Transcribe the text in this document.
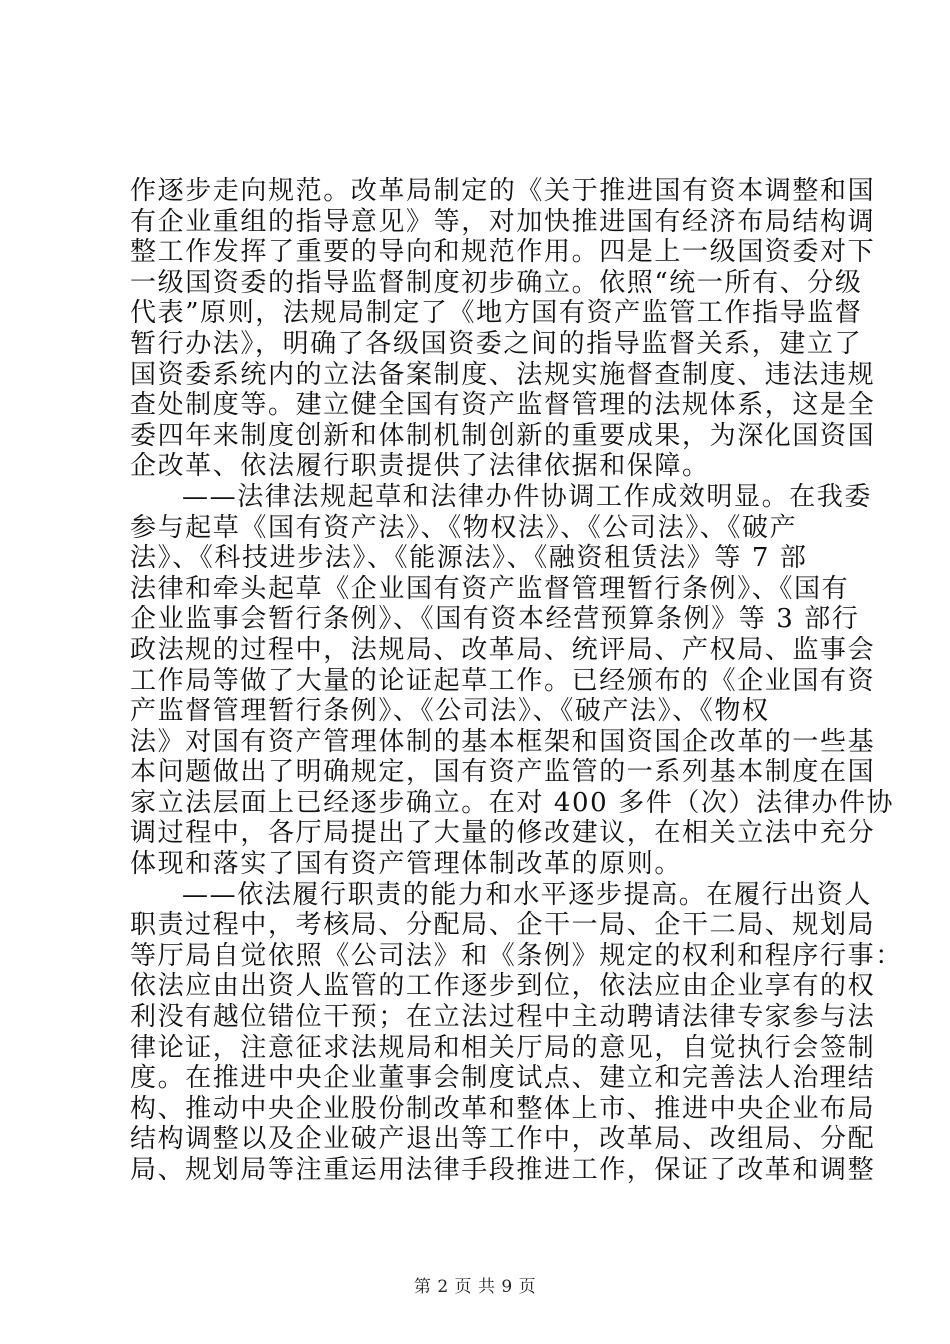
作逐步走向规范。改革局制定的《关于推进国有资本调整和国
有企业重组的指导意见》等，对加快推进国有经济布局结构调
整工作发挥了重要的导向和规范作用。四是上一级国资委对下
一级国资委的指导监督制度初步确立。依照“统一所有、分级
代表”原则，法规局制定了《地方国有资产监管工作指导监督
暂行办法》，明确了各级国资委之间的指导监督关系，建立了
国资委系统内的立法备案制度、法规实施督查制度、违法违规
查处制度等。建立健全国有资产监督管理的法规体系，这是全
委四年来制度创新和体制机制创新的重要成果，为深化国资国
企改革、依法履行职责提供了法律依据和保障。
——法律法规起草和法律办件协调工作成效明显。在我委
参与起草《国有资产法》、《物权法》、《公司法》、《破产
法》、《科技进步法》、《能源法》、《融资租赁法》等 7 部
法律和牵头起草《企业国有资产监督管理暂行条例》、《国有
企业监事会暂行条例》、《国有资本经营预算条例》等 3 部行
政法规的过程中，法规局、改革局、统评局、产权局、监事会
工作局等做了大量的论证起草工作。已经颁布的《企业国有资
产监督管理暂行条例》、《公司法》、《破产法》、《物权
法》对国有资产管理体制的基本框架和国资国企改革的一些基
本问题做出了明确规定，国有资产监管的一系列基本制度在国
家立法层面上已经逐步确立。在对 400 多件（次）法律办件协
调过程中，各厅局提出了大量的修改建议，在相关立法中充分
体现和落实了国有资产管理体制改革的原则。
——依法履行职责的能力和水平逐步提高。在履行出资人
职责过程中，考核局、分配局、企干一局、企干二局、规划局
等厅局自觉依照《公司法》和《条例》规定的权利和程序行事：
依法应由出资人监管的工作逐步到位，依法应由企业享有的权
利没有越位错位干预；在立法过程中主动聘请法律专家参与法
律论证，注意征求法规局和相关厅局的意见，自觉执行会签制
度。在推进中央企业董事会制度试点、建立和完善法人治理结
构、推动中央企业股份制改革和整体上市、推进中央企业布局
结构调整以及企业破产退出等工作中，改革局、改组局、分配
局、规划局等注重运用法律手段推进工作，保证了改革和调整
第 2 页 共 9 页
